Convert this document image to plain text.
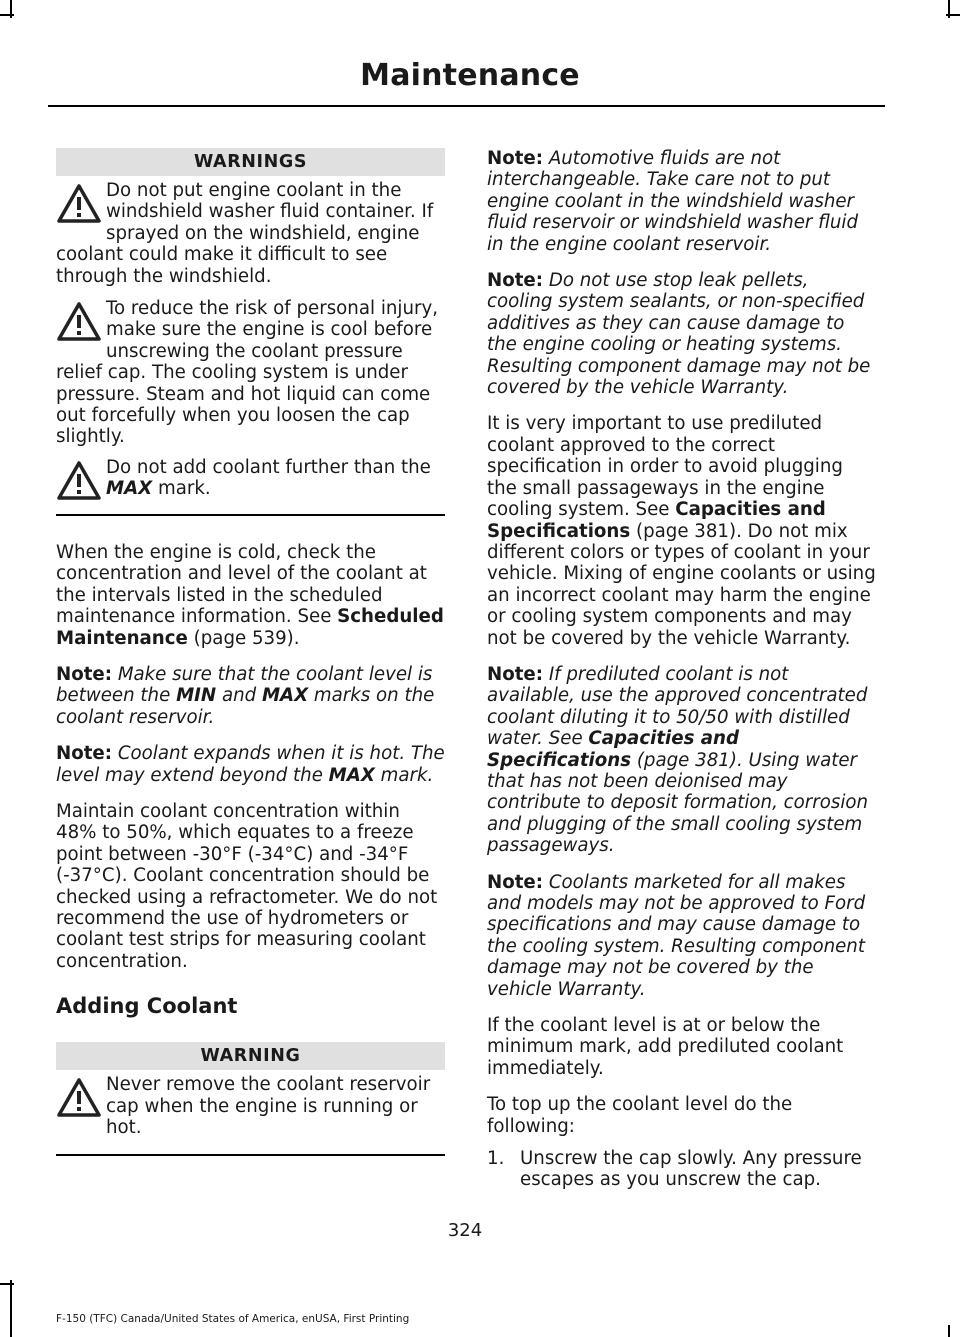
Maintenance
WARNINGS

Do not put engine coolant in the windshield washer fluid container. If sprayed on the windshield, engine coolant could make it difficult to see through the windshield.

To reduce the risk of personal injury, make sure the engine is cool before unscrewing the coolant pressure relief cap. The cooling system is under pressure. Steam and hot liquid can come out forcefully when you loosen the cap slightly.

Do not add coolant further than the MAX mark.

When the engine is cold, check the concentration and level of the coolant at the intervals listed in the scheduled maintenance information. See Scheduled Maintenance (page 539).

Note: Make sure that the coolant level is between the MIN and MAX marks on the coolant reservoir.

Note: Coolant expands when it is hot. The level may extend beyond the MAX mark.

Maintain coolant concentration within 48% to 50%, which equates to a freeze point between -30°F (-34°C) and -34°F (-37°C). Coolant concentration should be checked using a refractometer. We do not recommend the use of hydrometers or coolant test strips for measuring coolant concentration.

Adding Coolant
WARNING

Never remove the coolant reservoir cap when the engine is running or hot.

Note: Automotive fluids are not interchangeable. Take care not to put engine coolant in the windshield washer fluid reservoir or windshield washer fluid in the engine coolant reservoir.

Note: Do not use stop leak pellets, cooling system sealants, or non-specified additives as they can cause damage to the engine cooling or heating systems. Resulting component damage may not be covered by the vehicle Warranty.

It is very important to use prediluted coolant approved to the correct specification in order to avoid plugging the small passageways in the engine cooling system. See Capacities and Specifications (page 381). Do not mix different colors or types of coolant in your vehicle. Mixing of engine coolants or using an incorrect coolant may harm the engine or cooling system components and may not be covered by the vehicle Warranty.

Note: If prediluted coolant is not available, use the approved concentrated coolant diluting it to 50/50 with distilled water. See Capacities and Specifications (page 381). Using water that has not been deionised may contribute to deposit formation, corrosion and plugging of the small cooling system passageways.

Note: Coolants marketed for all makes and models may not be approved to Ford specifications and may cause damage to the cooling system. Resulting component damage may not be covered by the vehicle Warranty.

If the coolant level is at or below the minimum mark, add prediluted coolant immediately.

To top up the coolant level do the following:

1. Unscrew the cap slowly. Any pressure escapes as you unscrew the cap.
324
F-150 (TFC) Canada/United States of America, enUSA, First Printing
